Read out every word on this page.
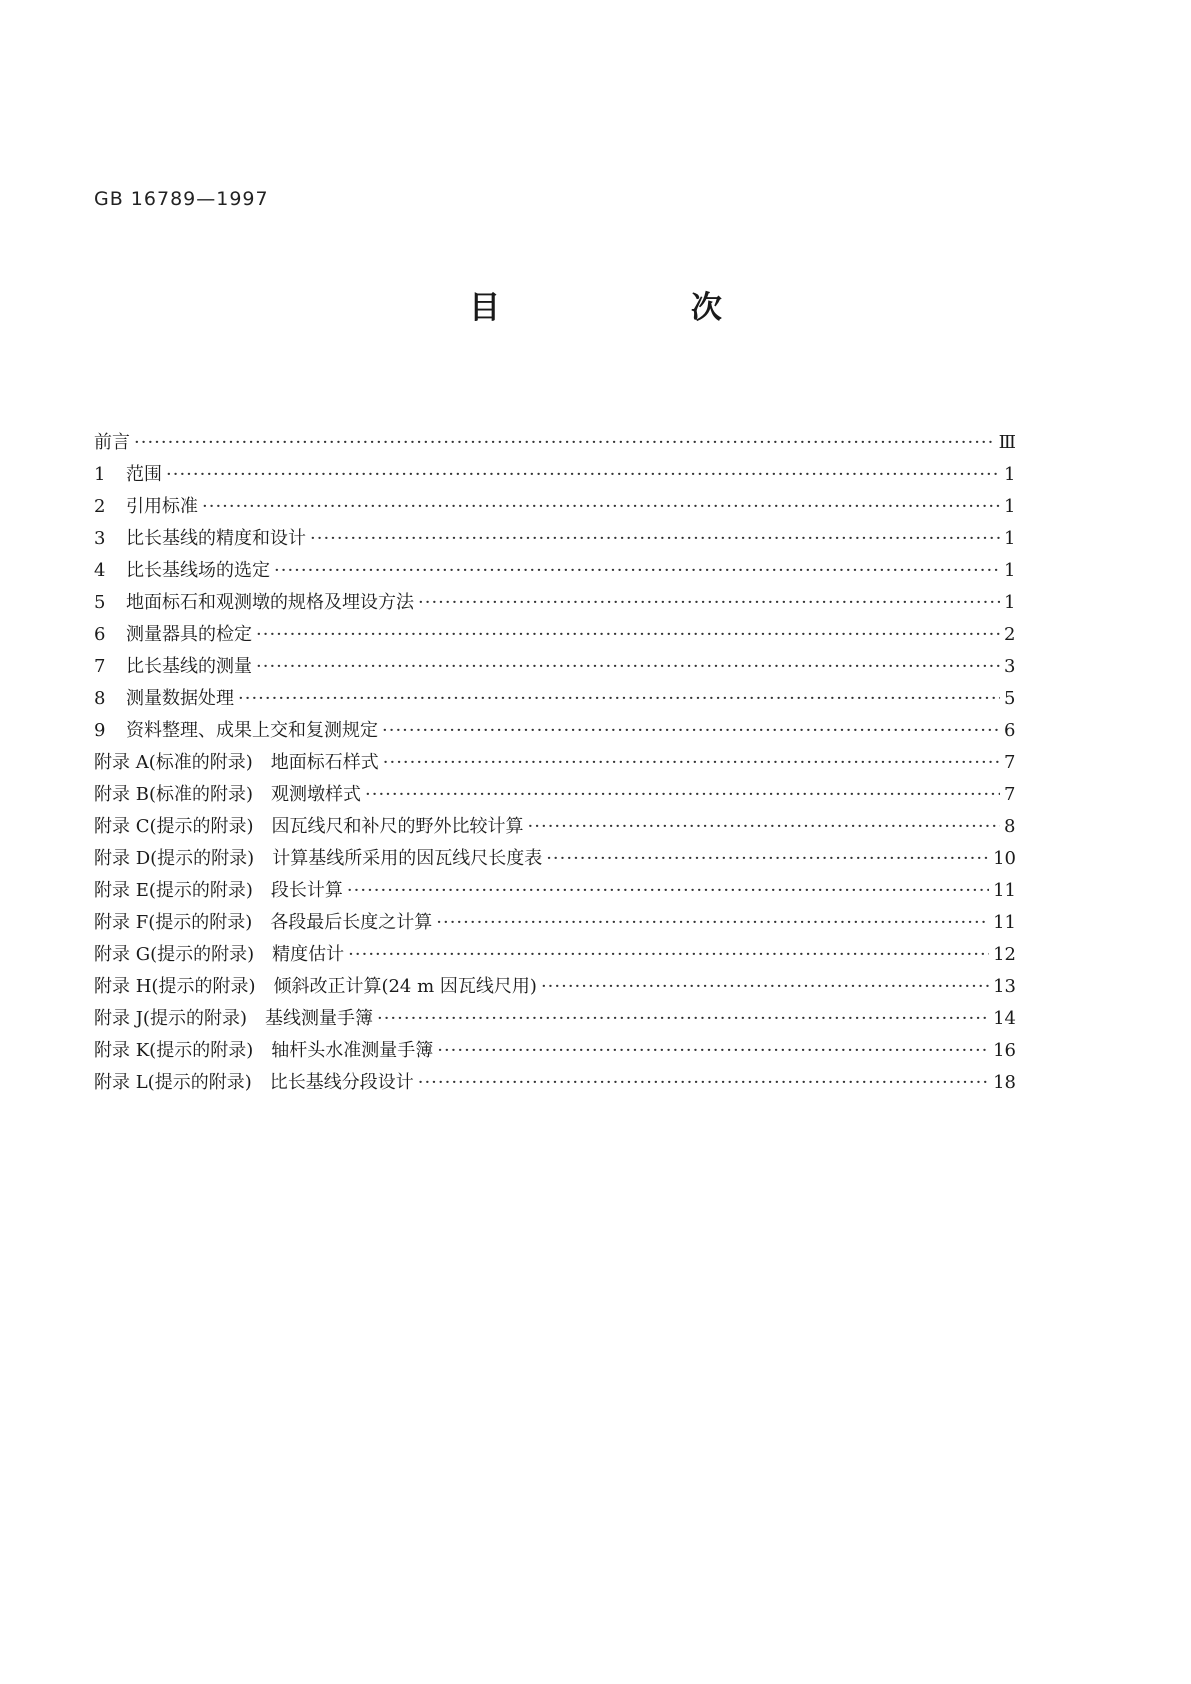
GB 16789—1997
目 次
前言 ·····	Ⅲ
1	范围 ·····	1
2	引用标准 ·····	1
3	比长基线的精度和设计 ·····	1
4	比长基线场的选定 ·····	1
5	地面标石和观测墩的规格及埋设方法 ·····	1
6	测量器具的检定 ·····	2
7	比长基线的测量 ·····	3
8	测量数据处理 ·····	5
9	资料整理、成果上交和复测规定 ·····	6
附录 A(标准的附录)　地面标石样式 ·····	7
附录 B(标准的附录)　观测墩样式 ·····	7
附录 C(提示的附录)　因瓦线尺和补尺的野外比较计算 ·····	8
附录 D(提示的附录)　计算基线所采用的因瓦线尺长度表 ·····	10
附录 E(提示的附录)　段长计算 ·····	11
附录 F(提示的附录)　各段最后长度之计算 ·····	11
附录 G(提示的附录)　精度估计 ·····	12
附录 H(提示的附录)　倾斜改正计算(24 m 因瓦线尺用) ·····	13
附录 J(提示的附录)　基线测量手簿 ·····	14
附录 K(提示的附录)　轴杆头水准测量手簿 ·····	16
附录 L(提示的附录)　比长基线分段设计 ·····	18
